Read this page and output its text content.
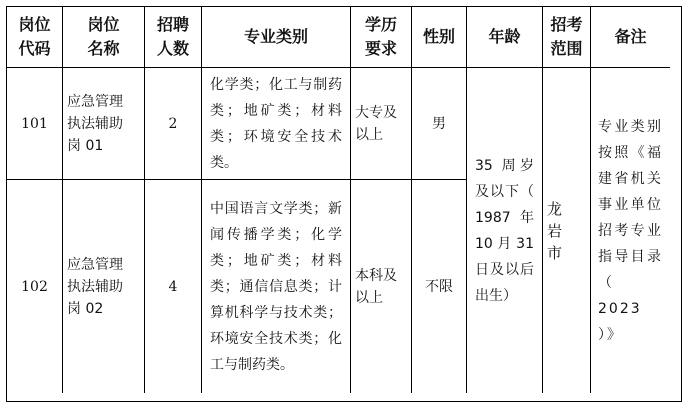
岗位
代码
岗位
名称
招聘
人数
专业类别
学历
要求
性别 年龄
招考
范围
备注
101
应急管理
执法辅助
岗 01
2
化学类；化工与制药类；地矿类；材料类；环境安全技术类。
大专及
以上
男
35 周岁及以下（ 1987 年 10 月 31 日及以后出生）
龙岩市
专业类别按照《福建省机关事业单位招考专业指导目录（ 2023 ）》
102
应急管理
执法辅助
岗 02
4
中国语言文学类；新闻传播学类；化学类；地矿类；材料类；通信信息类；计算机科学与技术类；环境安全技术类；化工与制药类。
本科及
以上
不限
